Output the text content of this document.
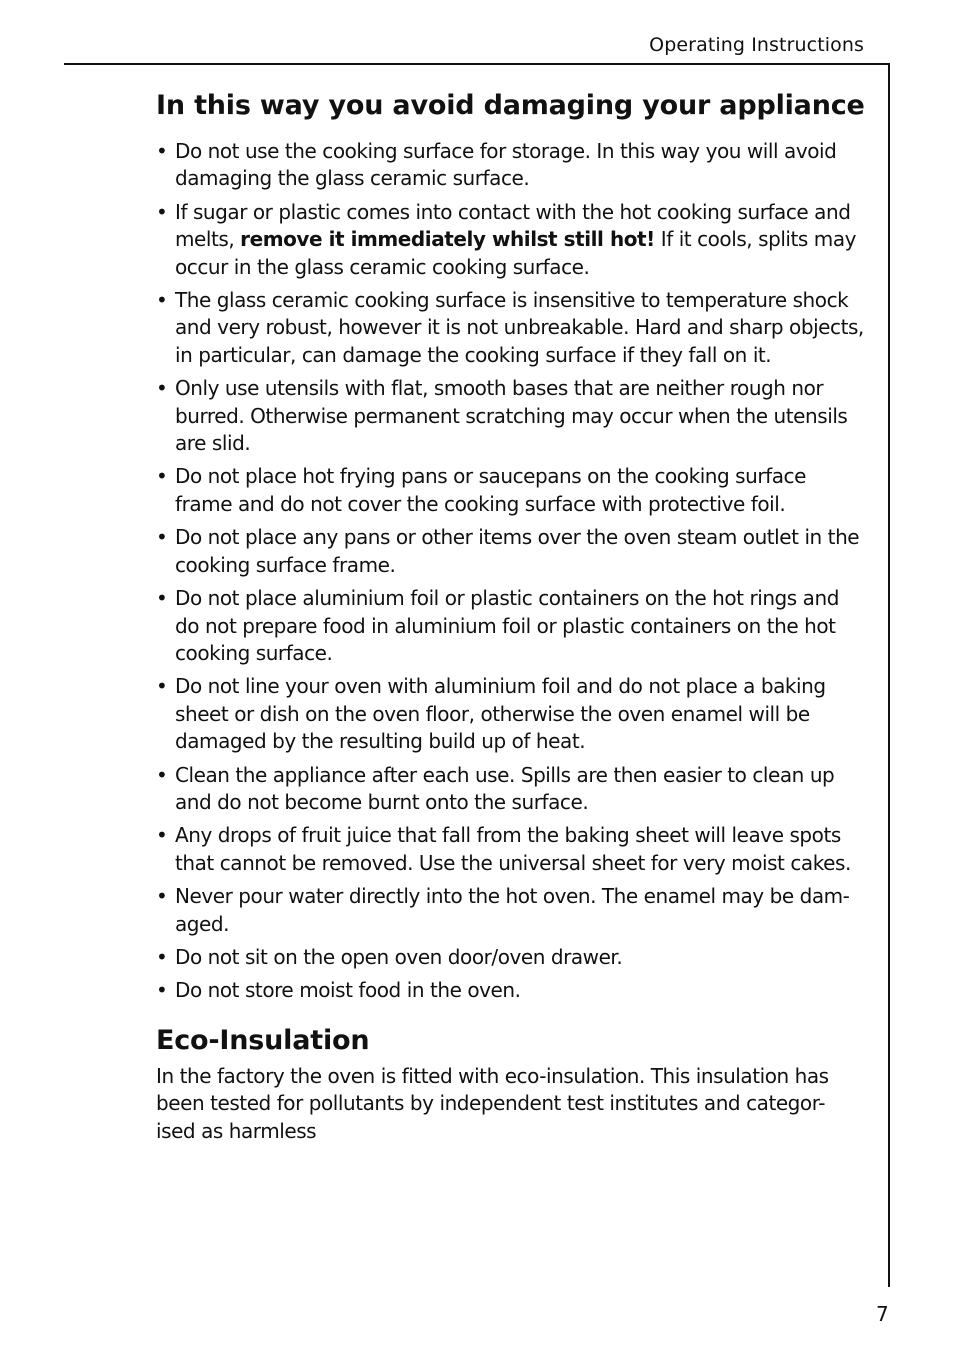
Operating Instructions
In this way you avoid damaging your appliance
• Do not use the cooking surface for storage. In this way you will avoid damaging the glass ceramic surface.
• If sugar or plastic comes into contact with the hot cooking surface and melts, remove it immediately whilst still hot! If it cools, splits may occur in the glass ceramic cooking surface.
• The glass ceramic cooking surface is insensitive to temperature shock and very robust, however it is not unbreakable. Hard and sharp objects, in particular, can damage the cooking surface if they fall on it.
• Only use utensils with flat, smooth bases that are neither rough nor burred. Otherwise permanent scratching may occur when the utensils are slid.
• Do not place hot frying pans or saucepans on the cooking surface frame and do not cover the cooking surface with protective foil.
• Do not place any pans or other items over the oven steam outlet in the cooking surface frame.
• Do not place aluminium foil or plastic containers on the hot rings and do not prepare food in aluminium foil or plastic containers on the hot cooking surface.
• Do not line your oven with aluminium foil and do not place a baking sheet or dish on the oven floor, otherwise the oven enamel will be damaged by the resulting build up of heat.
• Clean the appliance after each use. Spills are then easier to clean up and do not become burnt onto the surface.
• Any drops of fruit juice that fall from the baking sheet will leave spots that cannot be removed. Use the universal sheet for very moist cakes.
• Never pour water directly into the hot oven. The enamel may be dam-aged.
• Do not sit on the open oven door/oven drawer.
• Do not store moist food in the oven.
Eco-Insulation

In the factory the oven is fitted with eco-insulation. This insulation has
been tested for pollutants by independent test institutes and categor-
ised as harmless

7
